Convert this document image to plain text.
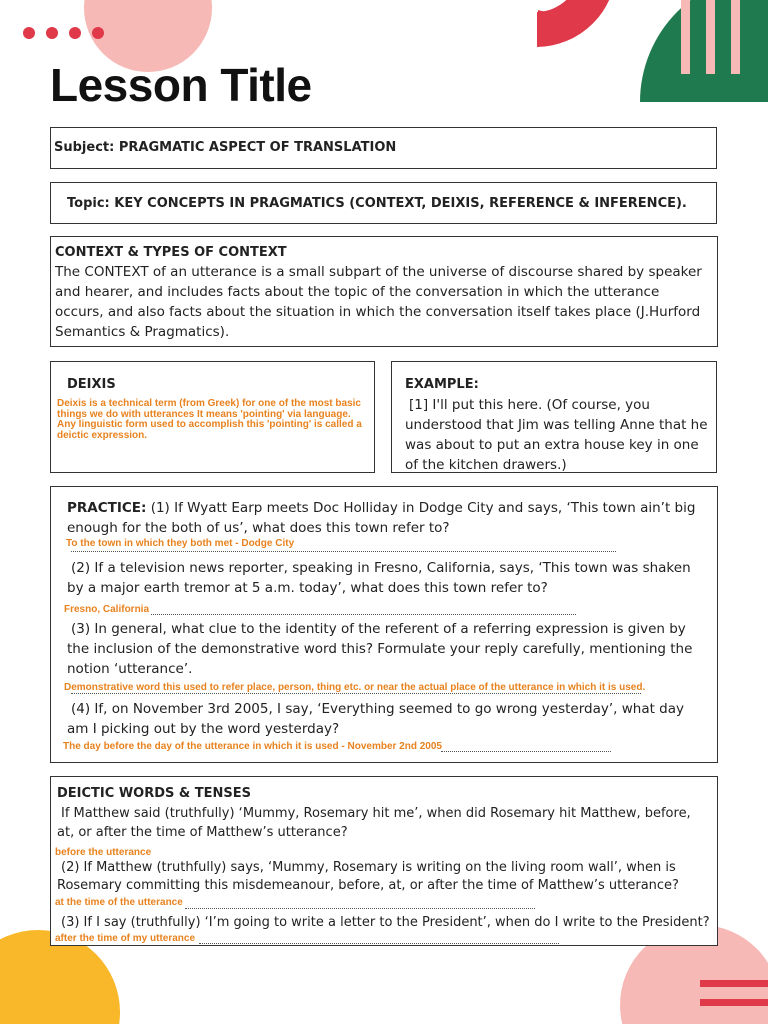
Lesson Title

Subject: PRAGMATIC ASPECT OF TRANSLATION

Topic: KEY CONCEPTS IN PRAGMATICS (CONTEXT, DEIXIS, REFERENCE & INFERENCE).

CONTEXT & TYPES OF CONTEXT

The CONTEXT of an utterance is a small subpart of the universe of discourse shared by speaker and hearer, and includes facts about the topic of the conversation in which the utterance occurs, and also facts about the situation in which the conversation itself takes place (J.Hurford Semantics & Pragmatics).

DEIXIS

Deixis is a technical term (from Greek) for one of the most basic things we do with utterances It means 'pointing' via language. Any linguistic form used to accomplish this 'pointing' is called a deictic expression.

EXAMPLE:

[1] I'll put this here. (Of course, you understood that Jim was telling Anne that he was about to put an extra house key in one of the kitchen drawers.)

PRACTICE: (1) If Wyatt Earp meets Doc Holliday in Dodge City and says, ‘This town ain’t big enough for the both of us’, what does this town refer to?

To the town in which they both met - Dodge City

(2) If a television news reporter, speaking in Fresno, California, says, ‘This town was shaken by a major earth tremor at 5 a.m. today’, what does this town refer to?

Fresno, California

(3) In general, what clue to the identity of the referent of a referring expression is given by the inclusion of the demonstrative word this? Formulate your reply carefully, mentioning the notion ‘utterance’.

Demonstrative word this used to refer place, person, thing etc. or near the actual place of the utterance in which it is used.

(4) If, on November 3rd 2005, I say, ‘Everything seemed to go wrong yesterday’, what day am I picking out by the word yesterday?

The day before the day of the utterance in which it is used - November 2nd 2005

DEICTIC WORDS & TENSES

If Matthew said (truthfully) ‘Mummy, Rosemary hit me’, when did Rosemary hit Matthew, before, at, or after the time of Matthew’s utterance?

before the utterance

(2) If Matthew (truthfully) says, ‘Mummy, Rosemary is writing on the living room wall’, when is Rosemary committing this misdemeanour, before, at, or after the time of Matthew’s utterance?

at the time of the utterance

(3) If I say (truthfully) ‘I’m going to write a letter to the President’, when do I write to the President?

after the time of my utterance
